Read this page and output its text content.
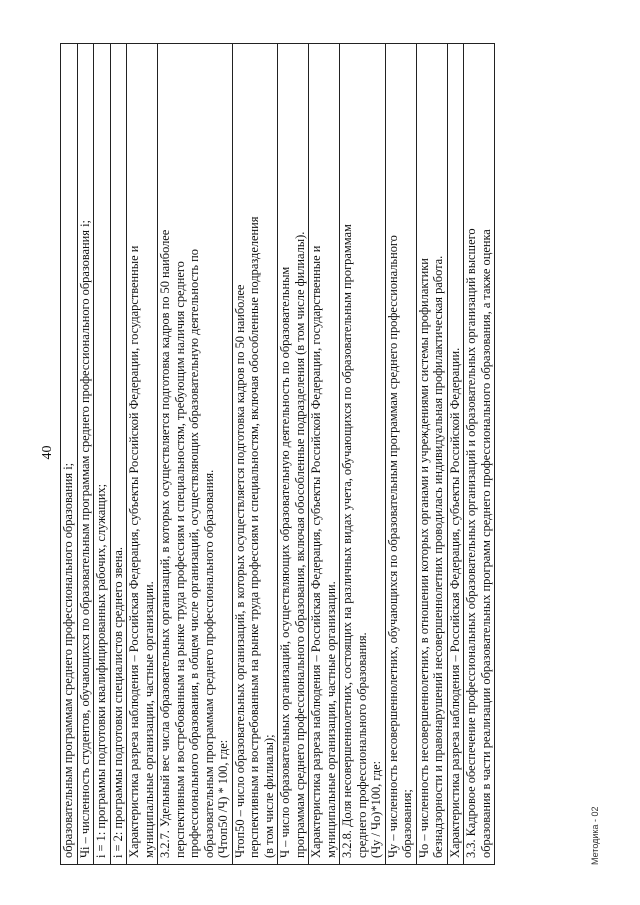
40
образовательным программам среднего профессионального образования i; Чi – численность студентов, обучающихся по образовательным программам среднего профессионального образования i; i = 1: программы подготовки квалифицированных рабочих, служащих; i = 2: программы подготовки специалистов среднего звена. Характеристика разреза наблюдения – Российская Федерация, субъекты Российской Федерации, государственные и муниципальные организации, частные организации. 3.2.7. Удельный вес числа образовательных организаций, в которых осуществляется подготовка кадров по 50 наиболее перспективным и востребованным на рынке труда профессиям и специальностям, требующим наличия среднего профессионального образования, в общем числе организаций, осуществляющих образовательную деятельность по образовательным программам среднего профессионального образования. (Чтоп50 /Ч) * 100, где: Чтоп50 – число образовательных организаций, в которых осуществляется подготовка кадров по 50 наиболее перспективным и востребованным на рынке труда профессиям и специальностям, включая обособленные подразделения (в том числе филиалы); Ч – число образовательных организаций, осуществляющих образовательную деятельность по образовательным программам среднего профессионального образования, включая обособленные подразделения (в том числе филиалы). Характеристика разреза наблюдения – Российская Федерация, субъекты Российской Федерации, государственные и муниципальные организации, частные организации. 3.2.8. Доля несовершеннолетних, состоящих на различных видах учета, обучающихся по образовательным программам среднего профессионального образования. (Чу / Чо)*100, где: Чу – численность несовершеннолетних, обучающихся по образовательным программам среднего профессионального образования; Чо – численность несовершеннолетних, в отношении которых органами и учреждениями системы профилактики безнадзорности и правонарушений несовершеннолетних проводилась индивидуальная профилактическая работа. Характеристика разреза наблюдения – Российская Федерация, субъекты Российской Федерации. 3.3. Кадровое обеспечение профессиональных образовательных организаций и образовательных организаций высшего образования в части реализации образовательных программ среднего профессионального образования, а также оценка	Методика - 02
